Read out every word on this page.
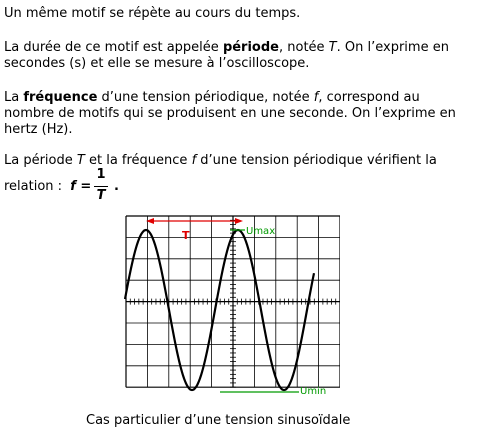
Un même motif se répète au cours du temps.

La durée de ce motif est appelée période, notée T. On l’exprime en

secondes (s) et elle se mesure à l’oscilloscope.

La fréquence d’une tension périodique, notée f, correspond au

nombre de motifs qui se produisent en une seconde. On l’exprime en

hertz (Hz).

La période T et la fréquence f d’une tension périodique vérifient la

relation : f =
1
T
.
Umax
Umin
T
Cas particulier d’une tension sinusoïdale
